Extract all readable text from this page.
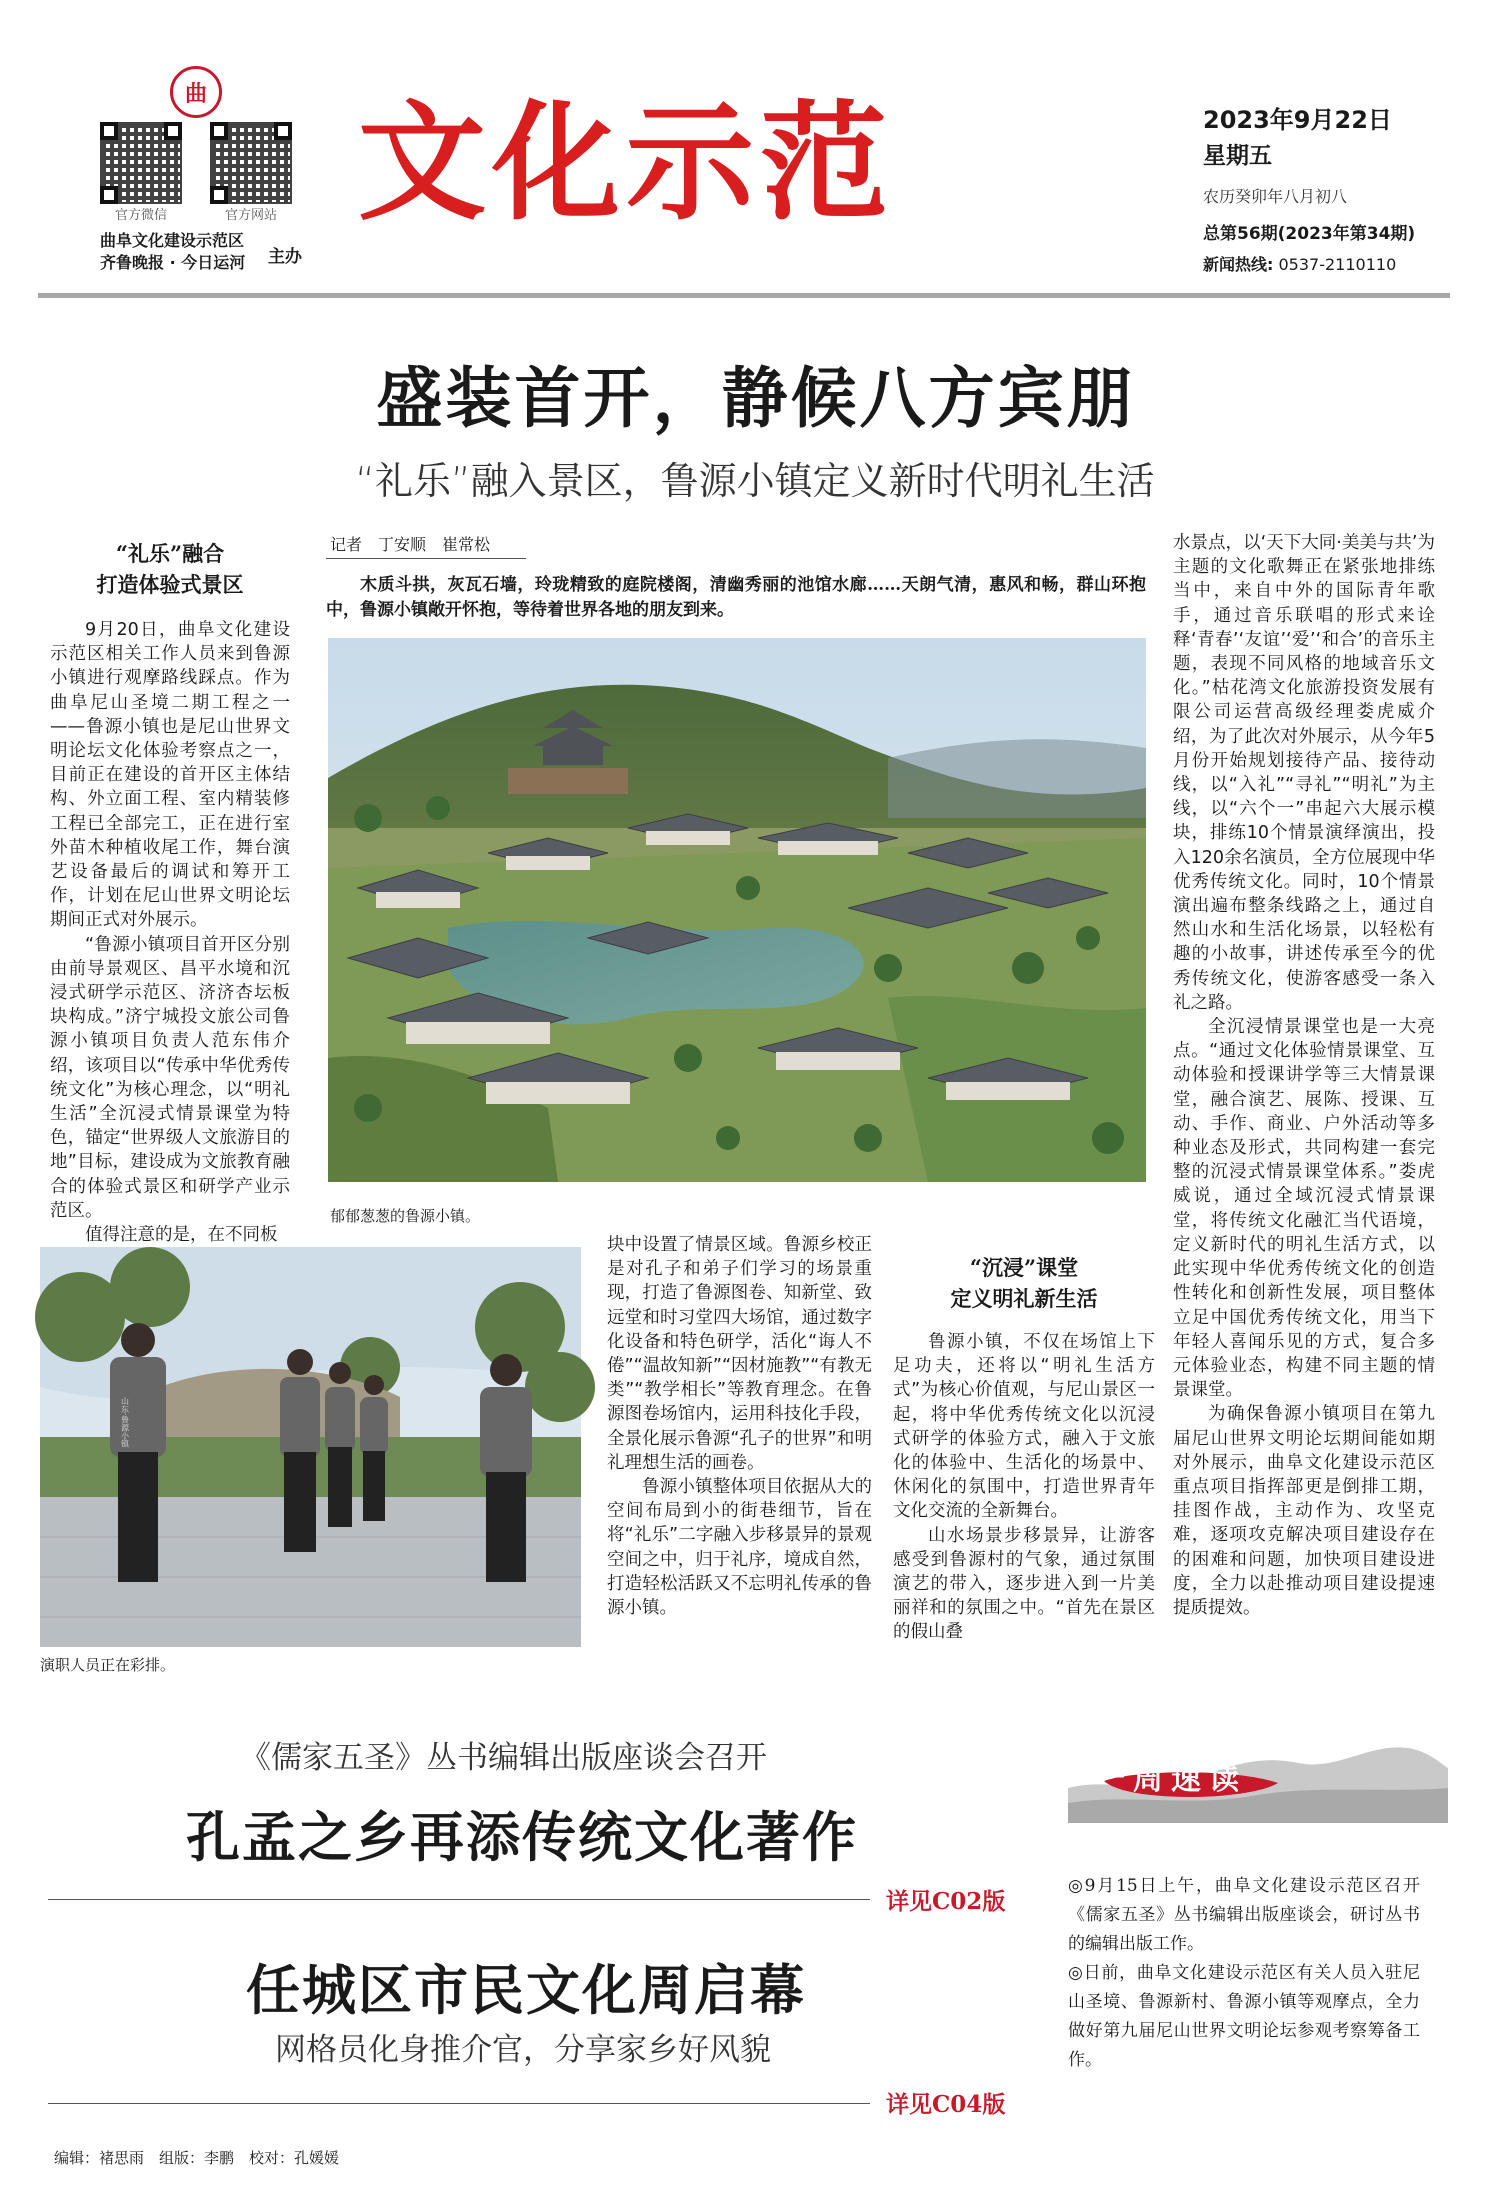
曲
官方微信	官方网站
曲阜文化建设示范区
齐鲁晚报 · 今日运河 主办
文化示范	2023年9月22日
星期五
农历癸卯年八月初八
总第56期(2023年第34期)
新闻热线: 0537-2110110
盛装首开，静候八方宾朋
“礼乐”融入景区，鲁源小镇定义新时代明礼生活
“礼乐”融合
打造体验式景区

9月20日，曲阜文化建设示范区相关工作人员来到鲁源小镇进行观摩路线踩点。作为曲阜尼山圣境二期工程之一——鲁源小镇也是尼山世界文明论坛文化体验考察点之一，目前正在建设的首开区主体结构、外立面工程、室内精装修工程已全部完工，正在进行室外苗木种植收尾工作，舞台演艺设备最后的调试和筹开工作，计划在尼山世界文明论坛期间正式对外展示。

“鲁源小镇项目首开区分别由前导景观区、昌平水境和沉浸式研学示范区、济济杏坛板块构成。”济宁城投文旅公司鲁源小镇项目负责人范东伟介绍，该项目以“传承中华优秀传统文化”为核心理念，以“明礼生活”全沉浸式情景课堂为特色，锚定“世界级人文旅游目的地”目标，建设成为文旅教育融合的体验式景区和研学产业示范区。

值得注意的是，在不同板

记者　丁安顺　崔常松
木质斗拱，灰瓦石墙，玲珑精致的庭院楼阁，清幽秀丽的池馆水廊……天朗气清，惠风和畅，群山环抱中，鲁源小镇敞开怀抱，等待着世界各地的朋友到来。
郁郁葱葱的鲁源小镇。

水景点，以‘天下大同·美美与共’为主题的文化歌舞正在紧张地排练当中，来自中外的国际青年歌手，通过音乐联唱的形式来诠释‘青春’‘友谊’‘爱’‘和合’的音乐主题，表现不同风格的地域音乐文化。”枯花湾文化旅游投资发展有限公司运营高级经理娄虎威介绍，为了此次对外展示，从今年5月份开始规划接待产品、接待动线，以“入礼”“寻礼”“明礼”为主线，以“六个一”串起六大展示模块，排练10个情景演绎演出，投入120余名演员，全方位展现中华优秀传统文化。同时，10个情景演出遍布整条线路之上，通过自然山水和生活化场景，以轻松有趣的小故事，讲述传承至今的优秀传统文化，使游客感受一条入礼之路。

全沉浸情景课堂也是一大亮点。“通过文化体验情景课堂、互动体验和授课讲学等三大情景课堂，融合演艺、展陈、授课、互动、手作、商业、户外活动等多种业态及形式，共同构建一套完整的沉浸式情景课堂体系。”娄虎威说，通过全域沉浸式情景课堂，将传统文化融汇当代语境，定义新时代的明礼生活方式，以此实现中华优秀传统文化的创造性转化和创新性发展，项目整体立足中国优秀传统文化，用当下年轻人喜闻乐见的方式，复合多元体验业态，构建不同主题的情景课堂。

为确保鲁源小镇项目在第九届尼山世界文明论坛期间能如期对外展示，曲阜文化建设示范区重点项目指挥部更是倒排工期，挂图作战，主动作为、攻坚克难，逐项攻克解决项目建设存在的困难和问题，加快项目建设进度，全力以赴推动项目建设提速提质提效。

山东·鲁源小镇
演职人员正在彩排。

块中设置了情景区域。鲁源乡校正是对孔子和弟子们学习的场景重现，打造了鲁源图卷、知新堂、致远堂和时习堂四大场馆，通过数字化设备和特色研学，活化“诲人不倦”“温故知新”“因材施教”“有教无类”“教学相长”等教育理念。在鲁源图卷场馆内，运用科技化手段，全景化展示鲁源“孔子的世界”和明礼理想生活的画卷。

鲁源小镇整体项目依据从大的空间布局到小的街巷细节，旨在将“礼乐”二字融入步移景异的景观空间之中，归于礼序，境成自然，打造轻松活跃又不忘明礼传承的鲁源小镇。

“沉浸”课堂
定义明礼新生活

鲁源小镇，不仅在场馆上下足功夫，还将以“明礼生活方式”为核心价值观，与尼山景区一起，将中华优秀传统文化以沉浸式研学的体验方式，融入于文旅化的体验中、生活化的场景中、休闲化的氛围中，打造世界青年文化交流的全新舞台。

山水场景步移景异，让游客感受到鲁源村的气象，通过氛围演艺的带入，逐步进入到一片美丽祥和的氛围之中。“首先在景区的假山叠

《儒家五圣》丛书编辑出版座谈会召开
孔孟之乡再添传统文化著作
详见C02版
任城区市民文化周启幕
网格员化身推介官，分享家乡好风貌
详见C04版
一周速读

◎9月15日上午，曲阜文化建设示范区召开《儒家五圣》丛书编辑出版座谈会，研讨丛书的编辑出版工作。

◎日前，曲阜文化建设示范区有关人员入驻尼山圣境、鲁源新村、鲁源小镇等观摩点，全力做好第九届尼山世界文明论坛参观考察筹备工作。

编辑：褚思雨　组版：李鹏　校对：孔媛媛
